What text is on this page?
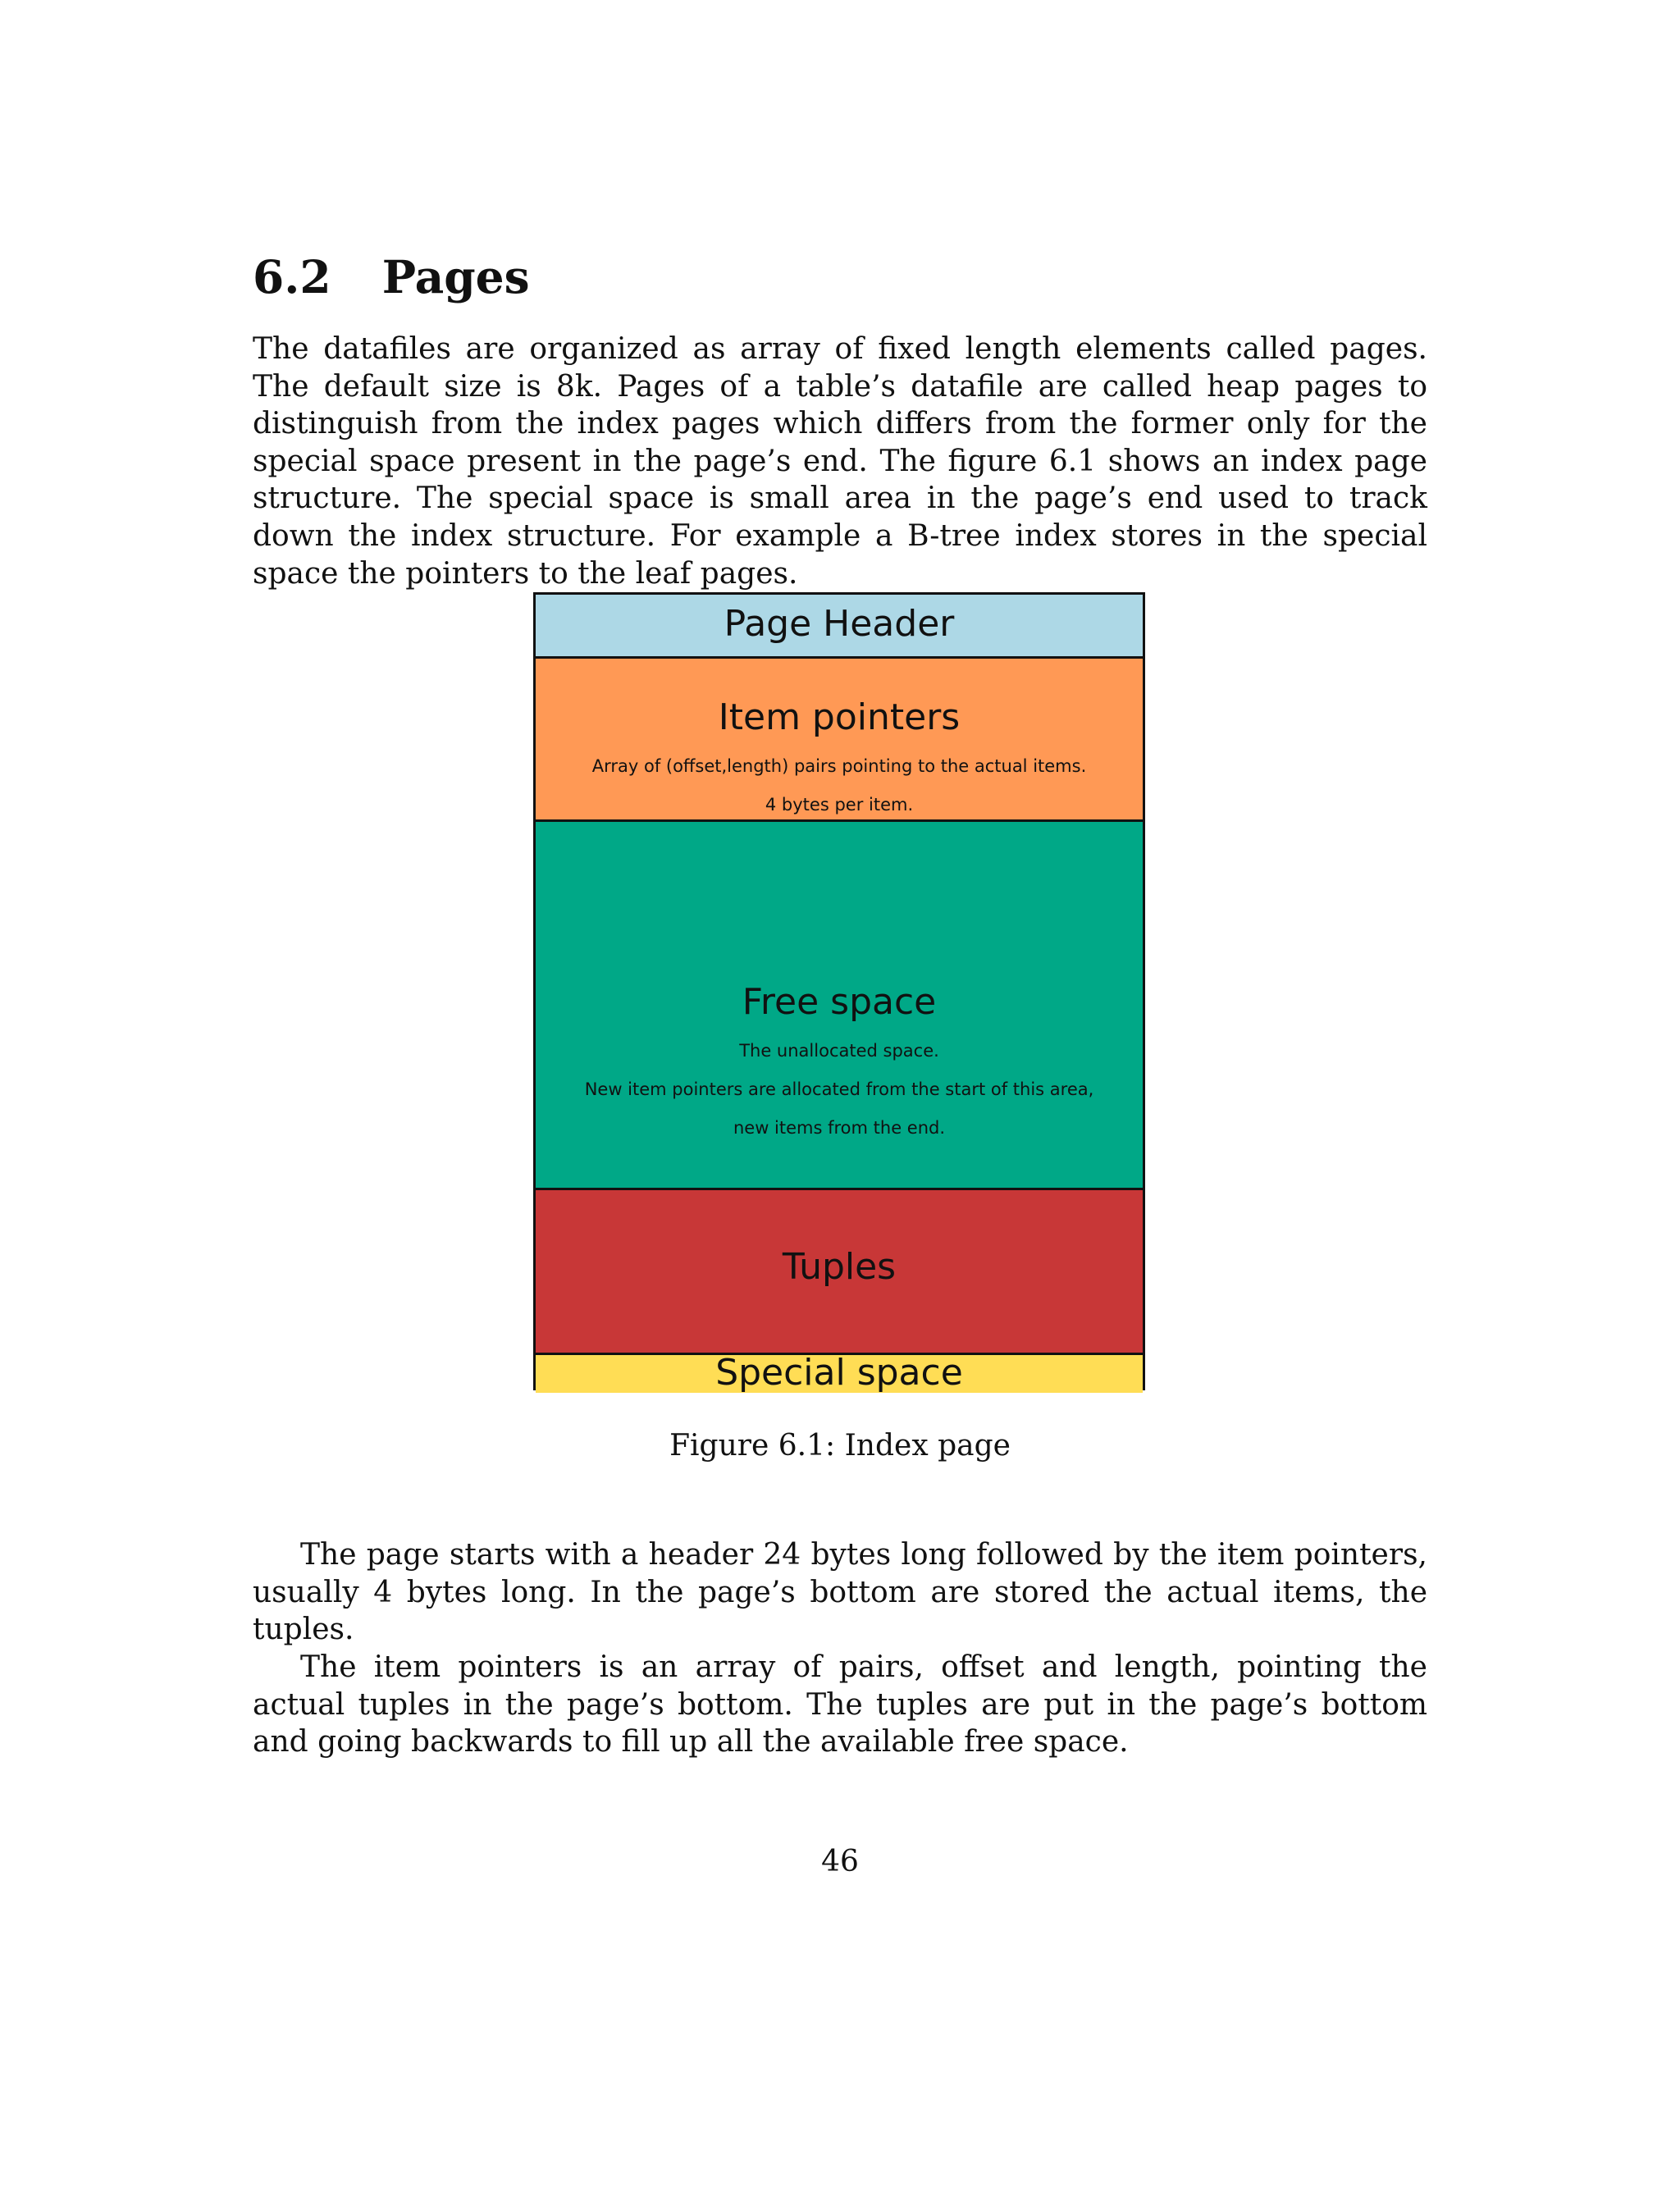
6.2 Pages

The datafiles are organized as array of fixed length elements called pages. The default size is 8k. Pages of a table’s datafile are called heap pages to distinguish from the index pages which differs from the former only for the special space present in the page’s end. The figure 6.1 shows an index page structure. The special space is small area in the page’s end used to track down the index structure. For example a B-tree index stores in the special space the pointers to the leaf pages.

Page Header
Item pointers
Array of (offset,length) pairs pointing to the actual items.
4 bytes per item.
Free space
The unallocated space.
New item pointers are allocated from the start of this area,
new items from the end.
Tuples
Special space

Figure 6.1: Index page

The page starts with a header 24 bytes long followed by the item pointers, usually 4 bytes long. In the page’s bottom are stored the actual items, the tuples.

The item pointers is an array of pairs, offset and length, pointing the actual tuples in the page’s bottom. The tuples are put in the page’s bottom and going backwards to fill up all the available free space.

46
